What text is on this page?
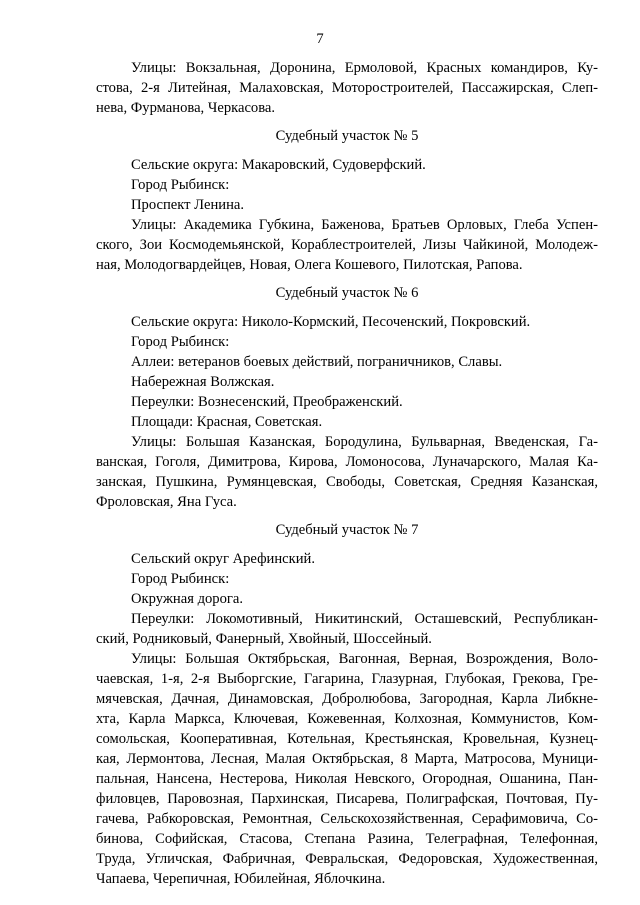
7
Улицы: Вокзальная, Доронина, Ермоловой, Красных командиров, Ку-
стова, 2-я Литейная, Малаховская, Моторостроителей, Пассажирская, Слеп-
нева, Фурманова, Черкасова.
Судебный участок № 5
Сельские округа: Макаровский, Судоверфский.
Город Рыбинск:
Проспект Ленина.
Улицы: Академика Губкина, Баженова, Братьев Орловых, Глеба Успен-
ского, Зои Космодемьянской, Кораблестроителей, Лизы Чайкиной, Молодеж-
ная, Молодогвардейцев, Новая, Олега Кошевого, Пилотская, Рапова.
Судебный участок № 6
Сельские округа: Николо-Кормский, Песоченский, Покровский.
Город Рыбинск:
Аллеи: ветеранов боевых действий, пограничников, Славы.
Набережная Волжская.
Переулки: Вознесенский, Преображенский.
Площади: Красная, Советская.
Улицы: Большая Казанская, Бородулина, Бульварная, Введенская, Га-
ванская, Гоголя, Димитрова, Кирова, Ломоносова, Луначарского, Малая Ка-
занская, Пушкина, Румянцевская, Свободы, Советская, Средняя Казанская,
Фроловская, Яна Гуса.
Судебный участок № 7
Сельский округ Арефинский.
Город Рыбинск:
Окружная дорога.
Переулки: Локомотивный, Никитинский, Осташевский, Республикан-
ский, Родниковый, Фанерный, Хвойный, Шоссейный.
Улицы: Большая Октябрьская, Вагонная, Верная, Возрождения, Воло-
чаевская, 1-я, 2-я Выборгские, Гагарина, Глазурная, Глубокая, Грекова, Гре-
мячевская, Дачная, Динамовская, Добролюбова, Загородная, Карла Либкне-
хта, Карла Маркса, Ключевая, Кожевенная, Колхозная, Коммунистов, Ком-
сомольская, Кооперативная, Котельная, Крестьянская, Кровельная, Кузнец-
кая, Лермонтова, Лесная, Малая Октябрьская, 8 Марта, Матросова, Муници-
пальная, Нансена, Нестерова, Николая Невского, Огородная, Ошанина, Пан-
филовцев, Паровозная, Пархинская, Писарева, Полиграфская, Почтовая, Пу-
гачева, Рабкоровская, Ремонтная, Сельскохозяйственная, Серафимовича, Со-
бинова, Софийская, Стасова, Степана Разина, Телеграфная, Телефонная,
Труда, Угличская, Фабричная, Февральская, Федоровская, Художественная,
Чапаева, Черепичная, Юбилейная, Яблочкина.
